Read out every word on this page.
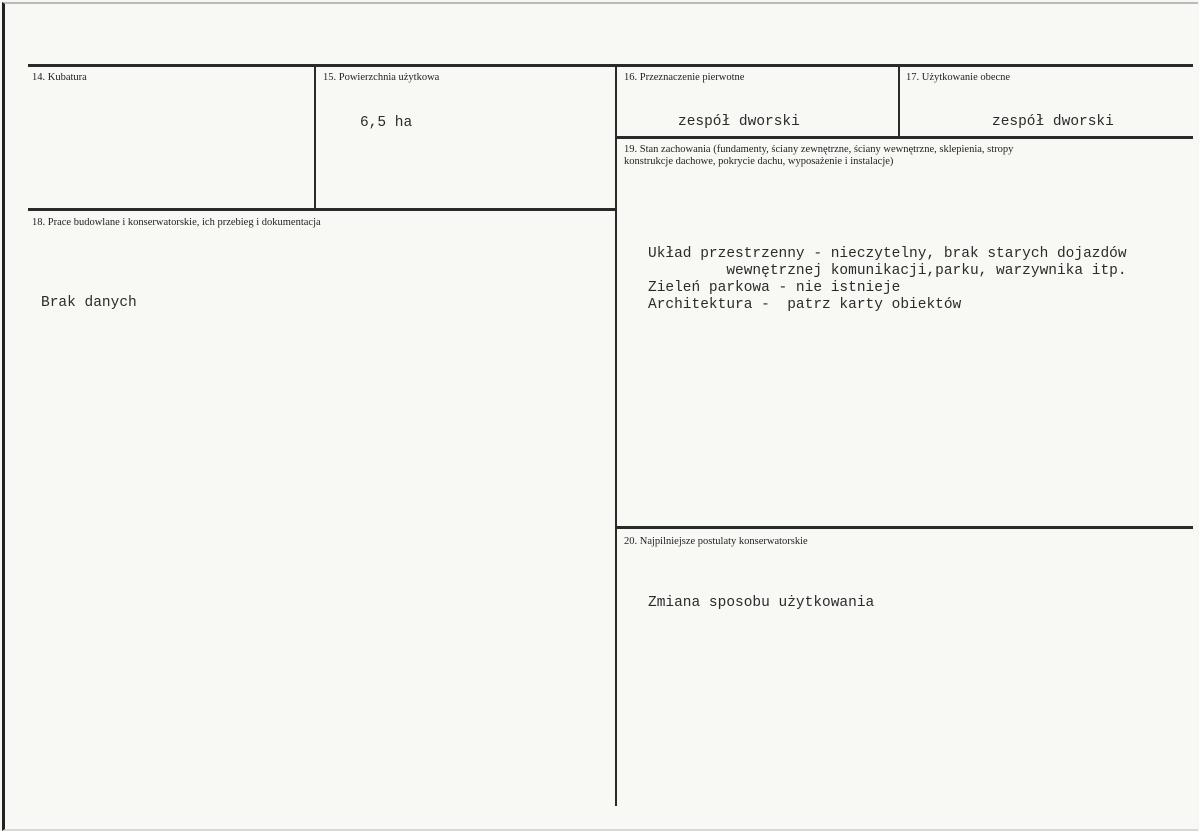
14. Kubatura	15. Powierzchnia użytkowa
6,5 ha
16. Przeznaczenie pierwotne
zespół dworski
17. Użytkowanie obecne
zespół dworski
18. Prace budowlane i konserwatorskie, ich przebieg i dokumentacja
Brak danych
19. Stan zachowania (fundamenty, ściany zewnętrzne, ściany wewnętrzne, sklepienia, stropy
konstrukcje dachowe, pokrycie dachu, wyposażenie i instalacje)
Układ przestrzenny - nieczytelny, brak starych dojazdów
wewnętrznej komunikacji,parku, warzywnika itp.
Zieleń parkowa - nie istnieje
Architektura -  patrz karty obiektów
20. Najpilniejsze postulaty konserwatorskie
Zmiana sposobu użytkowania
